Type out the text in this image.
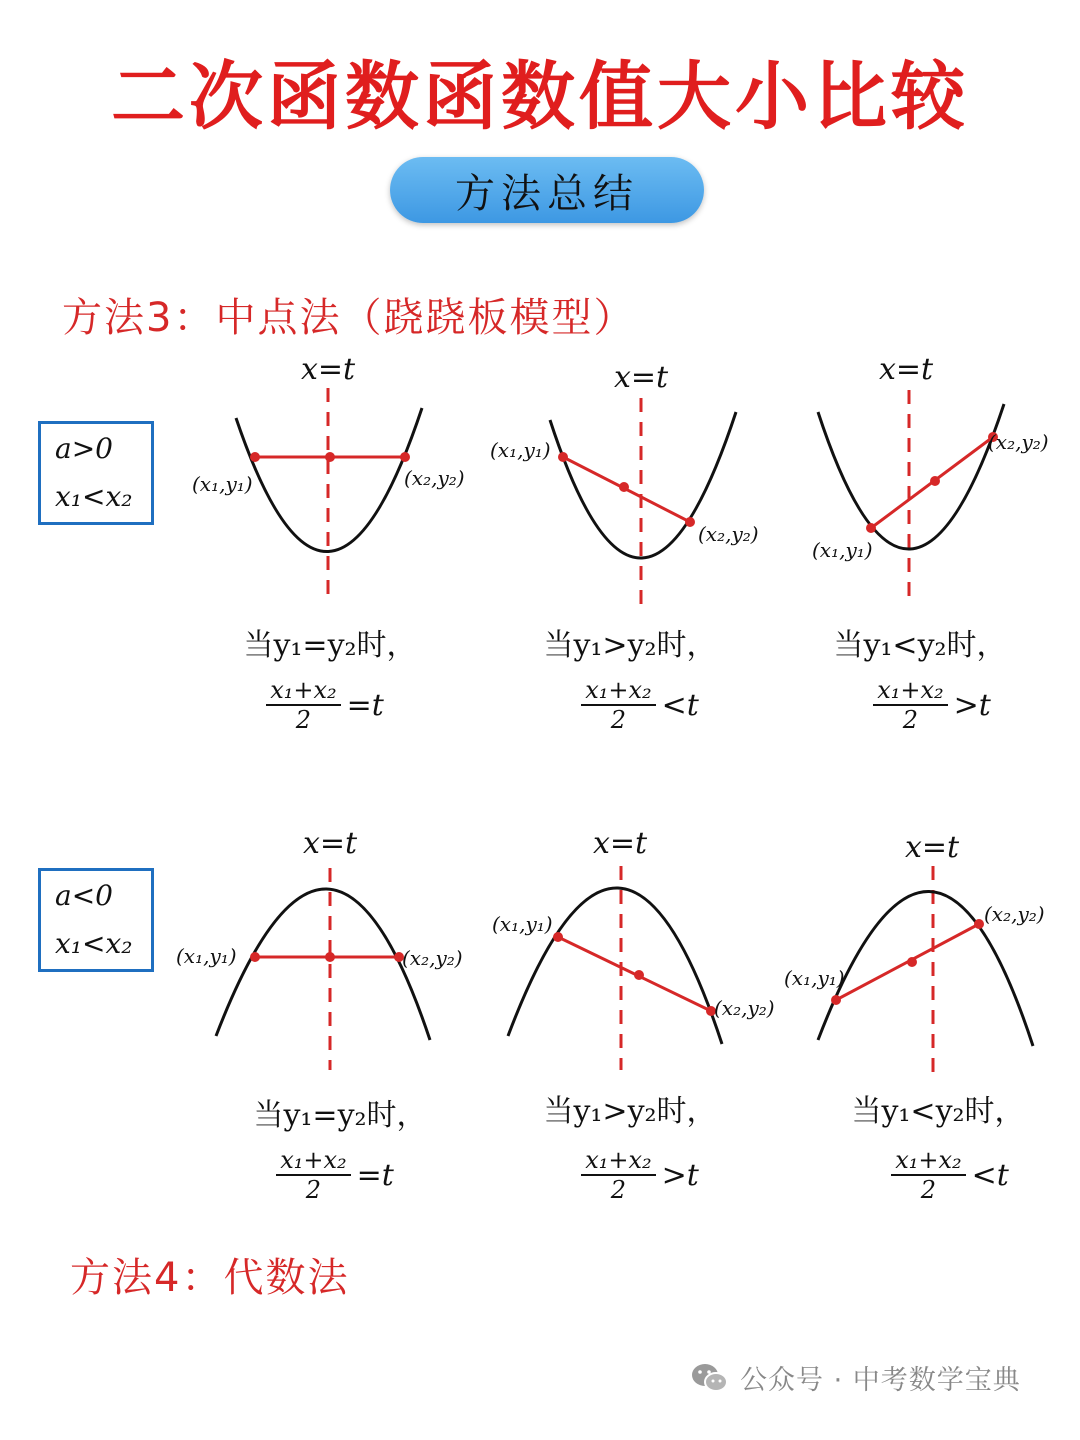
二次函数函数值大小比较
方法总结
方法3：中点法（跷跷板模型）
a>0
x₁<x₂
x=t
(x₁,y₁)	(x₂,y₂)
当y₁=y₂时，
$\frac{\text{x₁+x₂}}{2} =t$
x=t
(x₁,y₁)
(x₂,y₂)
当y₁>y₂时，
$\frac{\text{x₁+x₂}}{2} <t$
x=t
(x₁,y₁)
(x₂,y₂)
当y₁<y₂时，
$\frac{\text{x₁+x₂}}{2} >t$
a<0
x₁<x₂
x=t
(x₁,y₁)	(x₂,y₂)
当y₁=y₂时，
$\frac{\text{x₁+x₂}}{2} =t$
x=t
(x₁,y₁)
(x₂,y₂)
当y₁>y₂时，
$\frac{\text{x₁+x₂}}{2} >t$
x=t
(x₁,y₁)
(x₂,y₂)
当y₁<y₂时，
$\frac{\text{x₁+x₂}}{2} <t$
方法4：代数法
公众号 · 中考数学宝典
